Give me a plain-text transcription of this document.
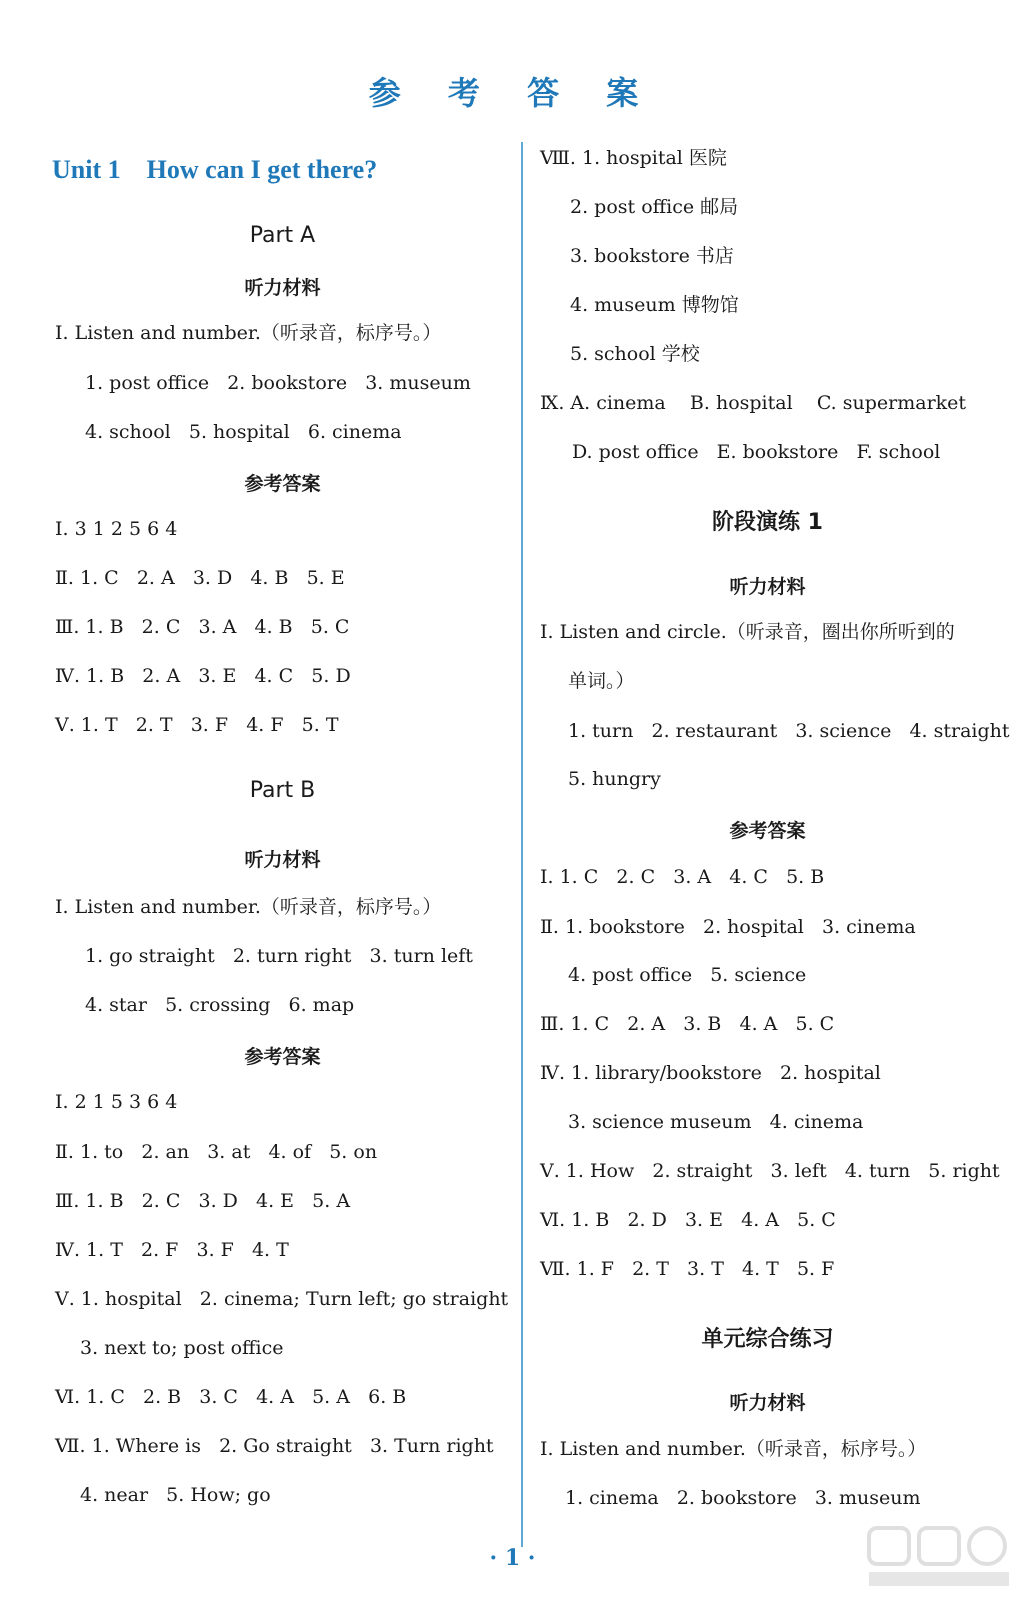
参 考 答 案
Unit 1    How can I get there?
Part A
听力材料
Ⅰ. Listen and number.（听录音，标序号。）
1. post office   2. bookstore   3. museum
4. school   5. hospital   6. cinema
参考答案
Ⅰ. 3 1 2 5 6 4
Ⅱ. 1. C   2. A   3. D   4. B   5. E
Ⅲ. 1. B   2. C   3. A   4. B   5. C
Ⅳ. 1. B   2. A   3. E   4. C   5. D
Ⅴ. 1. T   2. T   3. F   4. F   5. T
Part B
听力材料
Ⅰ. Listen and number.（听录音，标序号。）
1. go straight   2. turn right   3. turn left
4. star   5. crossing   6. map
参考答案
Ⅰ. 2 1 5 3 6 4
Ⅱ. 1. to   2. an   3. at   4. of   5. on
Ⅲ. 1. B   2. C   3. D   4. E   5. A
Ⅳ. 1. T   2. F   3. F   4. T
Ⅴ. 1. hospital   2. cinema; Turn left; go straight
3. next to; post office
Ⅵ. 1. C   2. B   3. C   4. A   5. A   6. B
Ⅶ. 1. Where is   2. Go straight   3. Turn right
4. near   5. How; go
Ⅷ. 1. hospital 医院
2. post office 邮局
3. bookstore 书店
4. museum 博物馆
5. school 学校
Ⅸ. A. cinema    B. hospital    C. supermarket
D. post office   E. bookstore   F. school
阶段演练 1
听力材料
Ⅰ. Listen and circle.（听录音，圈出你所听到的
单词。）
1. turn   2. restaurant   3. science   4. straight
5. hungry
参考答案
Ⅰ. 1. C   2. C   3. A   4. C   5. B
Ⅱ. 1. bookstore   2. hospital   3. cinema
4. post office   5. science
Ⅲ. 1. C   2. A   3. B   4. A   5. C
Ⅳ. 1. library/bookstore   2. hospital
3. science museum   4. cinema
Ⅴ. 1. How   2. straight   3. left   4. turn   5. right
Ⅵ. 1. B   2. D   3. E   4. A   5. C
Ⅶ. 1. F   2. T   3. T   4. T   5. F
单元综合练习
听力材料
Ⅰ. Listen and number.（听录音，标序号。）
1. cinema   2. bookstore   3. museum
· 1 ·
